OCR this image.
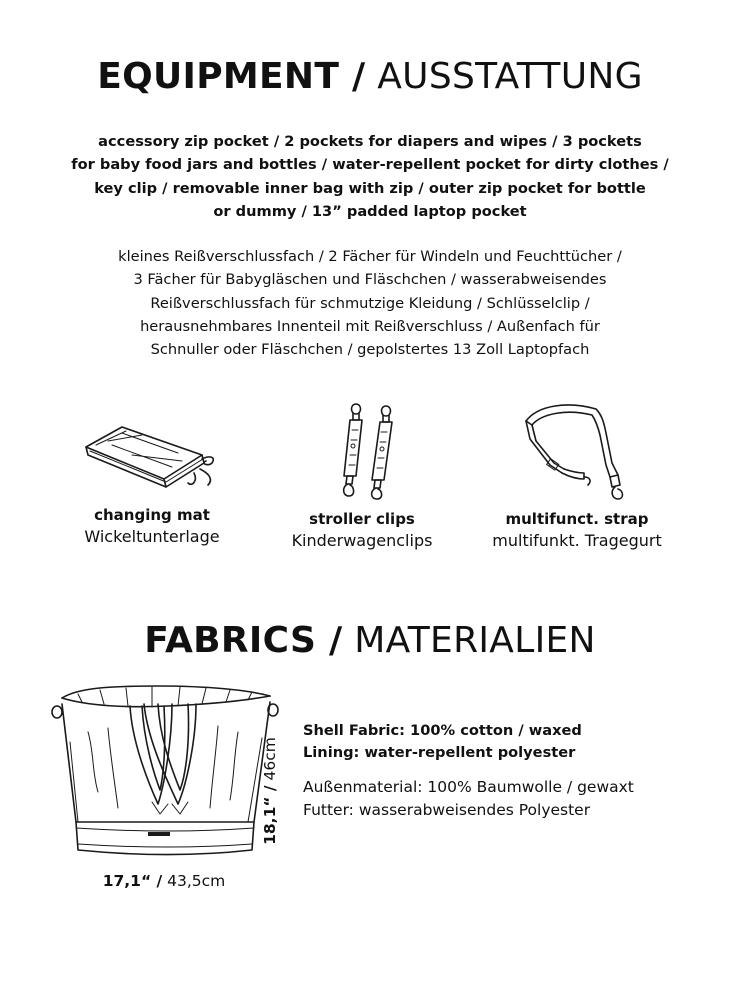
EQUIPMENT / AUSSTATTUNG
accessory zip pocket / 2 pockets for diapers and wipes / 3 pockets
for baby food jars and bottles / water-repellent pocket for dirty clothes /
key clip / removable inner bag with zip / outer zip pocket for bottle
or dummy / 13” padded laptop pocket
kleines Reißverschlussfach / 2 Fächer für Windeln und Feuchttücher /
3 Fächer für Babygläschen und Fläschchen / wasserabweisendes
Reißverschlussfach für schmutzige Kleidung / Schlüsselclip /
herausnehmbares Innenteil mit Reißverschluss / Außenfach für
Schnuller oder Fläschchen / gepolstertes 13 Zoll Laptopfach
changing mat
Wickeltunterlage
stroller clips
Kinderwagenclips
multifunct. strap
multifunkt. Tragegurt
FABRICS / MATERIALIEN
17,1“ / 43,5cm
18,1“ / 46cm
Shell Fabric: 100% cotton / waxed
Lining: water-repellent polyester
Außenmaterial: 100% Baumwolle / gewaxt
Futter: wasserabweisendes Polyester
